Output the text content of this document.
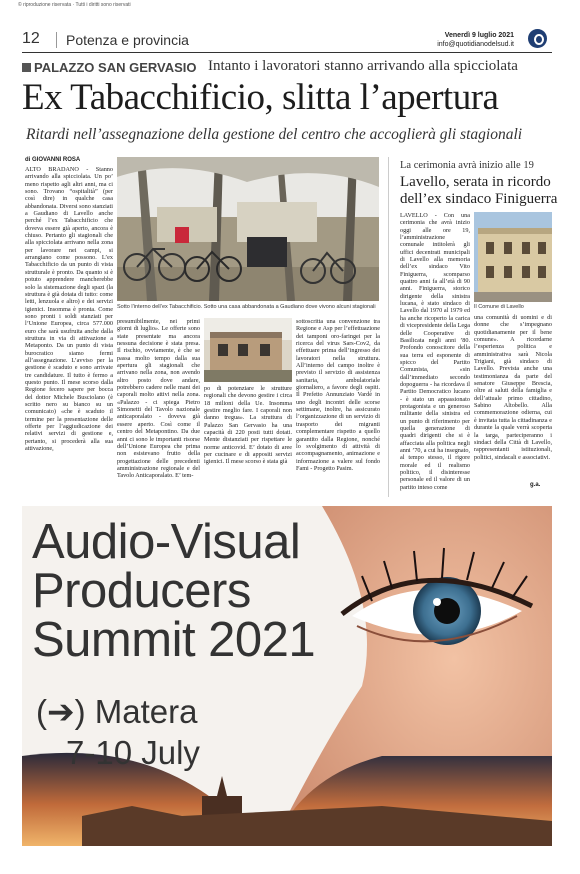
© riproduzione riservata · Tutti i diritti sono riservati
12 Potenza e provincia	Venerdì 9 luglio 2021
info@quotidianodelsud.it
PALAZZO SAN GERVASIO Intanto i lavoratori stanno arrivando alla spicciolata
Ex Tabacchificio, slitta l’apertura
Ritardi nell’assegnazione della gestione del centro che accoglierà gli stagionali
di GIOVANNI ROSA
ALTO BRADANO - Stanno arrivando alla spicciolata. Un po’ meno rispetto agli altri anni, ma ci sono. Trovano “ospitalità” (per così dire) in qualche casa abbandonata. Diversi sono stanziati a Gaudiano di Lavello anche perché l’ex Tabacchificio che doveva essere già aperto, ancora è chiuso. Pertanto gli stagionali che alla spicciolata arrivano nella zona per lavorare nei campi, si arrangiano come possono. L’ex Tabacchificio da un punto di vista strutturale è pronto. Da quanto si è potuto apprendere mancherebbe solo la sistemazione degli spazi (la struttura è già dotata di tutto: come letti, lenzuola e altro) e dei servizi igienici. Insomma è pronta. Come sono pronti i soldi stanziati per l’Unione Europea, circa 577.000 euro che sarà usufruita anche dalla struttura in via di attivazione a Metaponto. Da un punto di vista burocratico siamo fermi all’assegnazione. L’avviso per la gestione è scaduto e sono arrivate tre candidature. Il tutto è fermo a questo punto. Il mese scorso dalla Regione fecero sapere per bocca del dottor Michele Busciolano (è scritto nero su bianco su un comunicato) «che è scaduto il termine per la presentazione delle offerte per l’aggiudicazione dei relativi servizi di gestione e, pertanto, si procederà alla sua attivazione,
presumibilmente, nei primi giorni di luglio». Le offerte sono state presentate ma ancora nessuna decisione è stata presa. Il rischio, ovviamente, è che se passa molto tempo dalla sua apertura gli stagionali che arrivano nella zona, non avendo altro posto dove andare, potrebbero cadere nelle mani dei caporali molto attivi nella zona. «Palazzo - ci spiega Pietro Simonetti del Tavolo nazionale anticaporalato - doveva già essere aperto. Così come il centro del Metapontino. Da due anni ci sono le importanti risorse dell’Unione Europea che prima non esistevano frutto della progettazione delle precedenti amministrazione regionale e del Tavolo Anticaporalato. E’ tem-
po di potenziare le strutture regionali che devono gestire i circa 18 milioni della Ue. Insomma gestire meglio fare. I caporali non danno tregua». La struttura di Palazzo San Gervasio ha una capacità di 220 posti tutti dotati. Mente distanziati per rispettare le norme anticovid. E’ dotato di aree per cucinare e di appositi servizi igienici. Il mese scorso è stata già
sottoscritta una convenzione tra Regione e Asp per l’effettuazione dei tamponi oro-faringei per la ricerca del virus Sars-Cov2, da effettuare prima dell’ingresso dei lavoratori nella struttura. All’interno del campo inoltre è previsto il servizio di assistenza sanitaria, ambulatoriale giornaliero, a favore degli ospiti. Il Prefetto Annunziato Vardè in uno degli incontri delle scorse settimane, inoltre, ha assicurato l’organizzazione di un servizio di trasporto dei migranti complementare rispetto a quello garantito dalla Regione, nonché lo svolgimento di attività di accompagnamento, animazione e informazione a valere sul fondo Fami - Progetto Pasim.
Sotto l’interno dell’ex Tabacchificio. Sotto una casa abbandonata a Gaudiano dove vivono alcuni stagionali
La cerimonia avrà inizio alle 19
Lavello, serata in ricordo
dell’ex sindaco Finiguerra
LAVELLO - Con una cerimonia che avrà inizio oggi alle ore 19, l’amministrazione comunale intitolerà gli uffici decentrati municipali di Lavello alla memoria dell’ex sindaco Vito Finiguerra, scomparso quattro anni fa all’età di 90 anni. Finiguerra, storico dirigente della sinistra lucana, è stato sindaco di Lavello dal 1970 al 1979 ed ha anche ricoperto la carica di vicepresidente della Lega delle Cooperative di Basilicata negli anni ’80. Profondo conoscitore della sua terra ed esponente di spicco del Partito Comunista, «sin dall’immediato secondo dopoguerra - ha ricordava il Partito Democratico lucano - è stato un appassionato protagonista e un generoso militante della sinistra ed un punto di riferimento per quella generazione di quadri dirigenti che si è affacciata alla politica negli anni ’70, a cui ha insegnato, al tempo stesso, il rigore morale ed il realismo politico, il disinteresse personale ed il valore di un partito inteso come
Il Comune di Lavello
una comunità di uomini e di donne che s’impegnano quotidianamente per il bene comune». A ricordarne l’esperienza politica e amministrativa sarà Nicola Trigiani, già sindaco di Lavello. Prevista anche una testimonianza da parte del senatore Giuseppe Brescia, oltre ai saluti della famiglia e dell’attuale primo cittadino, Sabino Altobello. Alla commemorazione odierna, cui è invitata tutta la cittadinanza e durante la quale verrà scoperta la targa, parteciperanno i sindaci della Città di Lavello, rappresentanti istituzionali, politici, sindacali e associativi.
g.a.
Audio-Visual
Producers
Summit 2021
(➔) Matera
7-10 July
